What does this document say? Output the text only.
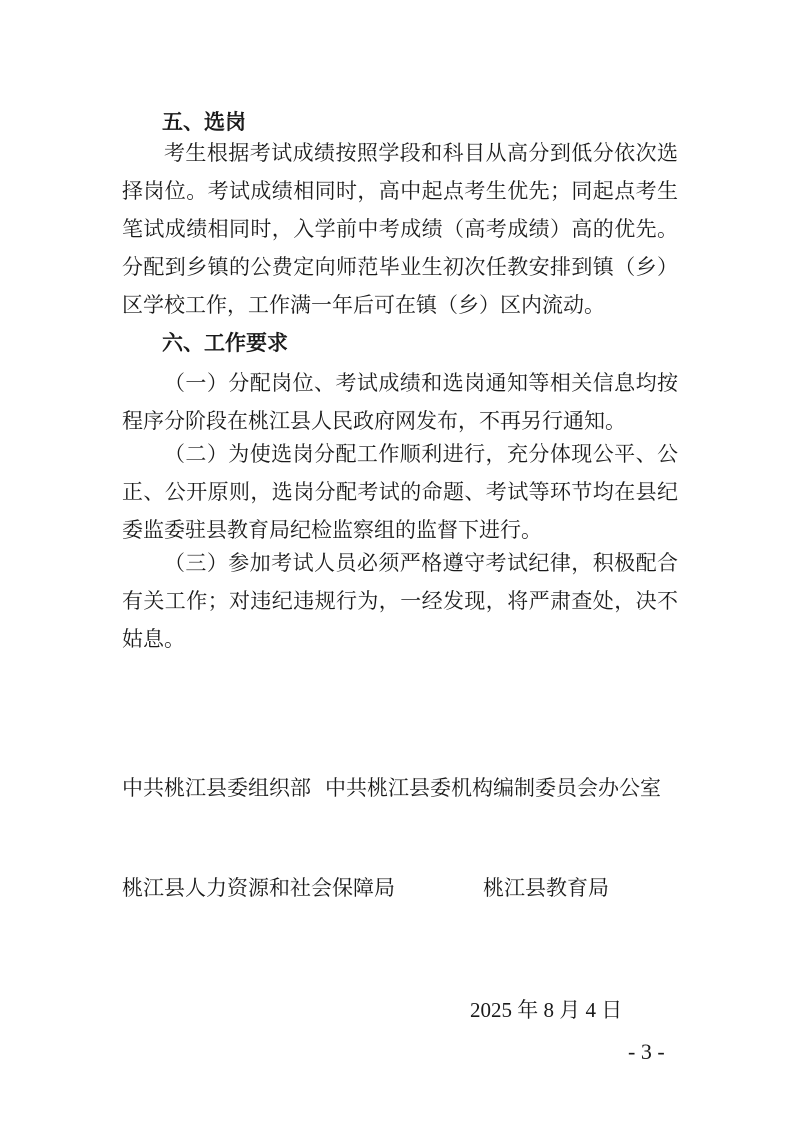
五、选岗

考生根据考试成绩按照学段和科目从高分到低分依次选择岗位。考试成绩相同时，高中起点考生优先；同起点考生笔试成绩相同时，入学前中考成绩（高考成绩）高的优先。分配到乡镇的公费定向师范毕业生初次任教安排到镇（乡）区学校工作，工作满一年后可在镇（乡）区内流动。

六、工作要求

（一）分配岗位、考试成绩和选岗通知等相关信息均按程序分阶段在桃江县人民政府网发布，不再另行通知。

（二）为使选岗分配工作顺利进行，充分体现公平、公正、公开原则，选岗分配考试的命题、考试等环节均在县纪委监委驻县教育局纪检监察组的监督下进行。

（三）参加考试人员必须严格遵守考试纪律，积极配合有关工作；对违纪违规行为，一经发现，将严肃查处，决不姑息。

中共桃江县委组织部 中共桃江县委机构编制委员会办公室
桃江县人力资源和社会保障局	桃江县教育局
2025 年 8 月 4 日
- 3 -
